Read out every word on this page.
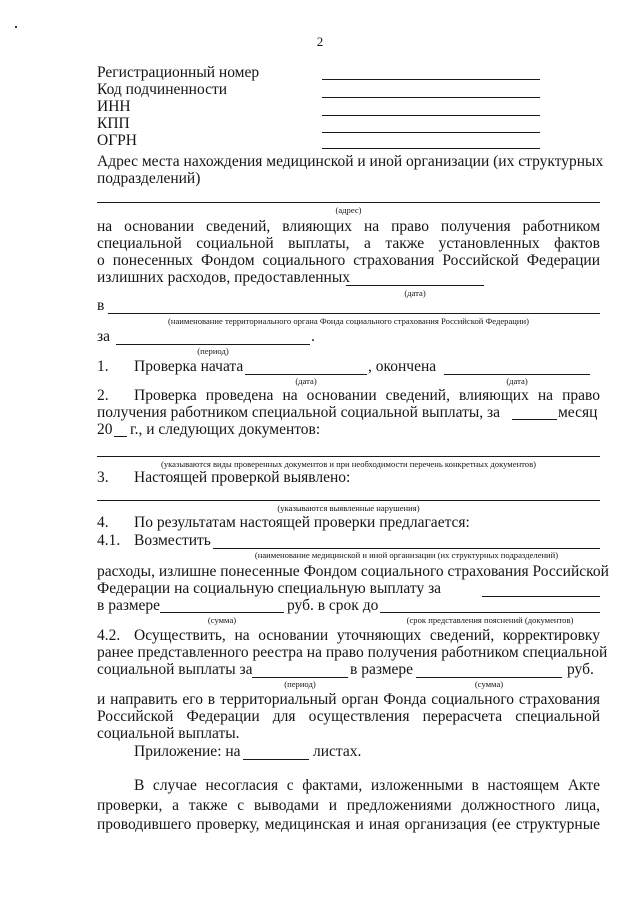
2
Регистрационный номер
Код подчиненности
ИНН
КПП
ОГРН
Адрес места нахождения медицинской и иной организации (их структурных
подразделений)
(адрес)
на основании сведений, влияющих на право получения работником
специальной социальной выплаты, а также установленных фактов
о понесенных Фондом социального страхования Российской Федерации
излишних расходов, предоставленных
(дата)
в
(наименование территориального органа Фонда социального страхования Российской Федерации)
за	.
(период)
1. Проверка начата	, окончена
(дата)	(дата)
2. Проверка проведена на основании сведений, влияющих на право
получения работником специальной социальной выплаты, за	месяц
20 г., и следующих документов:
(указываются виды проверенных документов и при необходимости перечень конкретных документов)
3. Настоящей проверкой выявлено:
(указываются выявленные нарушения)
4. По результатам настоящей проверки предлагается:
4.1. Возместить
(наименование медицинской и иной организации (их структурных подразделений)
расходы, излишне понесенные Фондом социального страхования Российской
Федерации на социальную специальную выплату за
в размере	руб. в срок до
(сумма)	(срок представления пояснений (документов)
4.2. Осуществить, на основании уточняющих сведений, корректировку
ранее представленного реестра на право получения работником специальной
социальной выплаты за	в размере	руб.
(период)	(сумма)
и направить его в территориальный орган Фонда социального страхования
Российской Федерации для осуществления перерасчета специальной
социальной выплаты.
Приложение: на	листах.
В случае несогласия с фактами, изложенными в настоящем Акте
проверки, а также с выводами и предложениями должностного лица,
проводившего проверку, медицинская и иная организация (ее структурные
